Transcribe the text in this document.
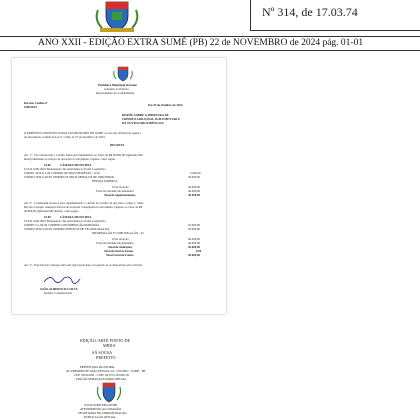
Nº 314, de 17.03.74
ANO XXII - EDIÇÃO EXTRA SUMÉ (PB) 22 de NOVEMBRO de 2024 pág. 01-01
Prefeitura Municipal de Sumé
Gabinete do Prefeito
Departamento de Contabilidade
Decreto Crédito nº
1660/2024	Em 29 de Outubro de 2024.
DISPÕE SOBRE A ABERTURA DE
CRÉDITO ADICIONAL SUPLEMENTAR E
DÁ OUTRAS PROVIDÊNCIAS
O PREFEITO CONSTITUCIONAL DO MUNICÍPIO DE SUMÉ, no uso das atribuições legais e
da autorização contida na Lei nº 1.429, de 27 de dezembro de 2023.
DECRETA
Art. 1º - Fica autorizado o Crédito Adicional Suplementar no Valor de R$ 40.000,00 (Quarenta Mil
Reais) destinado ao reforço de dotações do Orçamento vigente, como segue:
01.00	CÂMARA MUNICIPAL
01.010 1000-2001 Manutenção das Atividades do Poder Legislativo
1000001 3319-0-1-99 15000000 OUTRAS DESPESAS - LOA	5.000,00
1000002 3339-0-39-99 15000000 OUTROS SERVIÇOS DE TERCEIROS	20.000,00
PESSOA JURÍDICA
Total da Ação	40.000,00
Total da Unidade Orçamentária	40.000,00
Total de Suplementações	40.000,00
Art. 2º - Constituem recursos para suplementação o cálculo do Crédito de que trata o artigo 1º deste
Decreto Cheque: Anulação Parcial de dotações consignadas no Orçamento vigente, no valor de R$
40.000,00 (Quarenta Mil Reais), como segue:
01.00	CÂMARA MUNICIPAL
01.010 1000-2001 Manutenção das Atividades do Poder Legislativo
1000003 3-1-90-99 15000000 CONTRIBUIÇÃO PATRONAL	10.000,00
1000004 3339-0-39-99 15000000 SERVIÇOS DE TECNOLOGIA DA	30.000,00
INFORMAÇÃO E COMUNICAÇÃO - PJ
Total da Ação	40.000,00
Total da Unidade Orçamentária	40.000,00
Total de Anulações	40.000,00
Total de Outras Fontes	0,00
Total Geral de Fontes	40.000,00
Art. 3º - Este Decreto Cheque entra em vigor nesta data, revogando-se as disposições em contrário.
JOÃO ALBERTO DA SILVA
Prefeito Constitucional
EDIÇÃO: ARTE PONTO DE
MIDIA
SÁ SOUSA
PREFEITO
PREFEITURA MUNICIPAL
AV. PRESIDENTE JOÃO PESSOA, 44 - CENTRO - SUMÉ - PB
CEP: 58540-000 - CNPJ: 09.073.156/0001-81
EDIÇÃO SEMANAL/DIÁRIO OFICIAL
WWW.SUME.PB.GOV.BR
ATENDIMENTO AO CIDADÃO
SECRETARIA DE ADMINISTRAÇÃO
PUBLICAÇÃO OFICIAL
